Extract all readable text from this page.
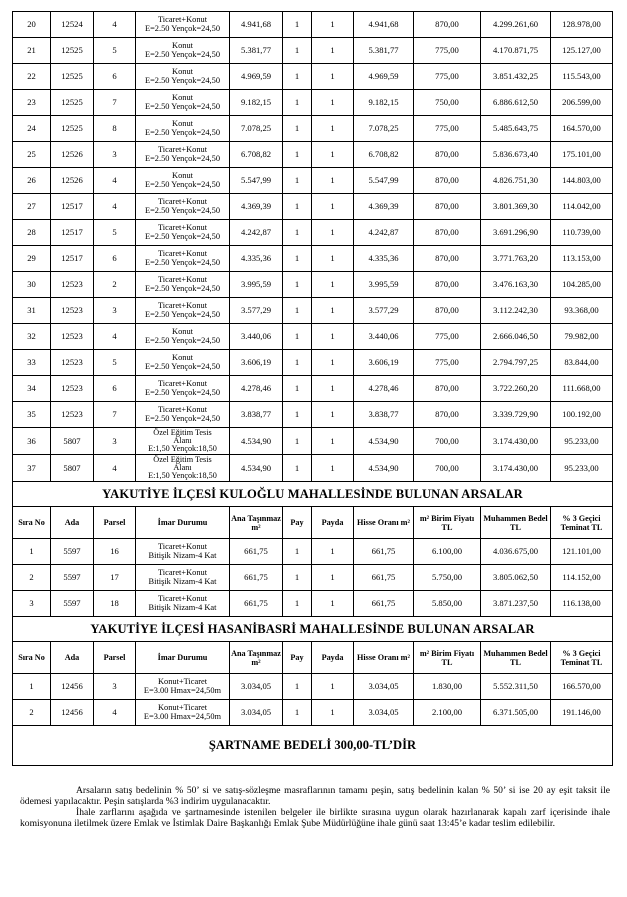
20	12524	4	Ticaret+Konut
E=2.50 Yençok=24,50	4.941,68	1	1	4.941,68	870,00	4.299.261,60	128.978,00
21	12525	5	Konut
E=2.50 Yençok=24,50	5.381,77	1	1	5.381,77	775,00	4.170.871,75	125.127,00
22	12525	6	Konut
E=2.50 Yençok=24,50	4.969,59	1	1	4.969,59	775,00	3.851.432,25	115.543,00
23	12525	7	Konut
E=2.50 Yençok=24,50	9.182,15	1	1	9.182,15	750,00	6.886.612,50	206.599,00
24	12525	8	Konut
E=2.50 Yençok=24,50	7.078,25	1	1	7.078,25	775,00	5.485.643,75	164.570,00
25	12526	3	Ticaret+Konut
E=2.50 Yençok=24,50	6.708,82	1	1	6.708,82	870,00	5.836.673,40	175.101,00
26	12526	4	Konut
E=2.50 Yençok=24,50	5.547,99	1	1	5.547,99	870,00	4.826.751,30	144.803,00
27	12517	4	Ticaret+Konut
E=2.50 Yençok=24,50	4.369,39	1	1	4.369,39	870,00	3.801.369,30	114.042,00
28	12517	5	Ticaret+Konut
E=2.50 Yençok=24,50	4.242,87	1	1	4.242,87	870,00	3.691.296,90	110.739,00
29	12517	6	Ticaret+Konut
E=2.50 Yençok=24,50	4.335,36	1	1	4.335,36	870,00	3.771.763,20	113.153,00
30	12523	2	Ticaret+Konut
E=2.50 Yençok=24,50	3.995,59	1	1	3.995,59	870,00	3.476.163,30	104.285,00
31	12523	3	Ticaret+Konut
E=2.50 Yençok=24,50	3.577,29	1	1	3.577,29	870,00	3.112.242,30	93.368,00
32	12523	4	Konut
E=2.50 Yençok=24,50	3.440,06	1	1	3.440,06	775,00	2.666.046,50	79.982,00
33	12523	5	Konut
E=2.50 Yençok=24,50	3.606,19	1	1	3.606,19	775,00	2.794.797,25	83.844,00
34	12523	6	Ticaret+Konut
E=2.50 Yençok=24,50	4.278,46	1	1	4.278,46	870,00	3.722.260,20	111.668,00
35	12523	7	Ticaret+Konut
E=2.50 Yençok=24,50	3.838,77	1	1	3.838,77	870,00	3.339.729,90	100.192,00
36	5807	3	Özel Eğitim Tesis
Alanı
E:1,50 Yençok:18,50	4.534,90	1	1	4.534,90	700,00	3.174.430,00	95.233,00
37	5807	4	Özel Eğitim Tesis
Alanı
E:1,50 Yençok:18,50	4.534,90	1	1	4.534,90	700,00	3.174.430,00	95.233,00
YAKUTİYE İLÇESİ KULOĞLU MAHALLESİNDE BULUNAN ARSALAR										
Sıra No	Ada	Parsel	İmar Durumu	Ana Taşınmaz m²	Pay	Payda	Hisse Oranı m²	m² Birim Fiyatı TL	Muhammen Bedel TL	% 3 Geçici Teminat TL
1	5597	16	Ticaret+Konut
Bitişik Nizam-4 Kat	661,75	1	1	661,75	6.100,00	4.036.675,00	121.101,00
2	5597	17	Ticaret+Konut
Bitişik Nizam-4 Kat	661,75	1	1	661,75	5.750,00	3.805.062,50	114.152,00
3	5597	18	Ticaret+Konut
Bitişik Nizam-4 Kat	661,75	1	1	661,75	5.850,00	3.871.237,50	116.138,00
YAKUTİYE İLÇESİ HASANİBASRİ MAHALLESİNDE BULUNAN ARSALAR										
Sıra No	Ada	Parsel	İmar Durumu	Ana Taşınmaz m²	Pay	Payda	Hisse Oranı m²	m² Birim Fiyatı TL	Muhammen Bedel TL	% 3 Geçici Teminat TL
1	12456	3	Konut+Ticaret
E=3.00 Hmax=24,50m	3.034,05	1	1	3.034,05	1.830,00	5.552.311,50	166.570,00
2	12456	4	Konut+Ticaret
E=3.00 Hmax=24,50m	3.034,05	1	1	3.034,05	2.100,00	6.371.505,00	191.146,00
ŞARTNAME BEDELİ 300,00-TL’DİR										

Arsaların satış bedelinin % 50’ si ve satış-sözleşme masraflarının tamamı peşin, satış bedelinin kalan % 50’ si ise 20 ay eşit taksit ile ödemesi yapılacaktır. Peşin satışlarda %3 indirim uygulanacaktır.

İhale zarflarını aşağıda ve şartnamesinde istenilen belgeler ile birlikte sırasına uygun olarak hazırlanarak kapalı zarf içerisinde ihale komisyonuna iletilmek üzere Emlak ve İstimlak Daire Başkanlığı Emlak Şube Müdürlüğüne ihale günü saat 13:45’e kadar teslim edilebilir.
